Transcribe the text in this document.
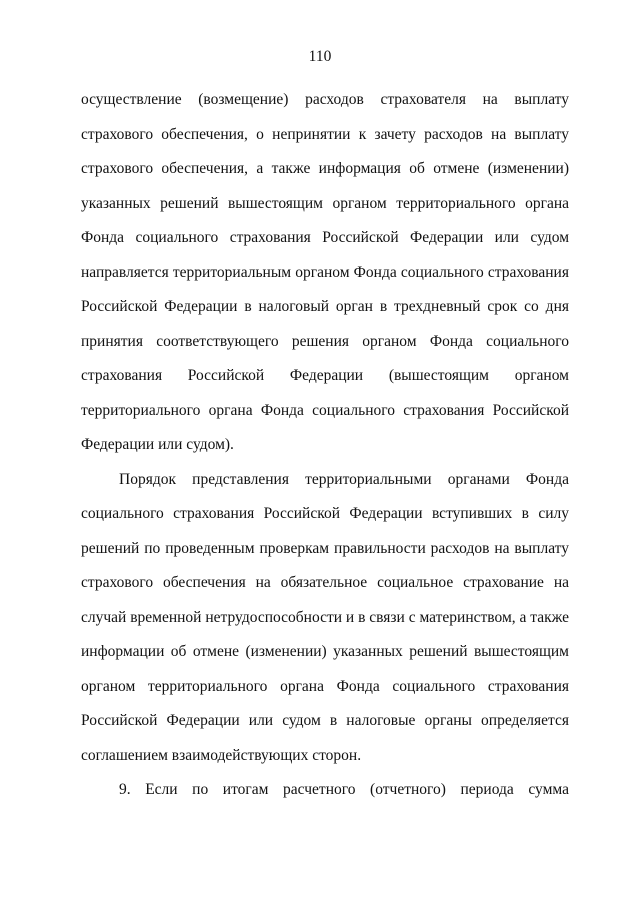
110
осуществление (возмещение) расходов страхователя на выплату
страхового обеспечения, о непринятии к зачету расходов на выплату
страхового обеспечения, а также информация об отмене (изменении)
указанных решений вышестоящим органом территориального органа
Фонда социального страхования Российской Федерации или судом
направляется территориальным органом Фонда социального страхования
Российской Федерации в налоговый орган в трехдневный срок со дня
принятия соответствующего решения органом Фонда социального
страхования Российской Федерации (вышестоящим органом
территориального органа Фонда социального страхования Российской
Федерации или судом).
Порядок представления территориальными органами Фонда
социального страхования Российской Федерации вступивших в силу
решений по проведенным проверкам правильности расходов на выплату
страхового обеспечения на обязательное социальное страхование на
случай временной нетрудоспособности и в связи с материнством, а также
информации об отмене (изменении) указанных решений вышестоящим
органом территориального органа Фонда социального страхования
Российской Федерации или судом в налоговые органы определяется
соглашением взаимодействующих сторон.
9. Если по итогам расчетного (отчетного) периода сумма
